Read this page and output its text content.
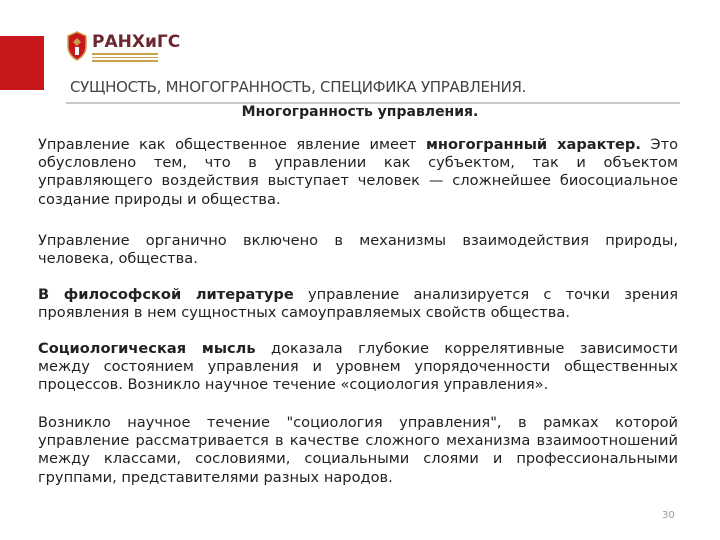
РАНХиГС
СУЩНОСТЬ, МНОГОГРАННОСТЬ, СПЕЦИФИКА УПРАВЛЕНИЯ.
Многогранность управления.

Управление как общественное явление имеет многогранный характер. Это обусловлено тем, что в управлении как субъектом, так и объектом управляющего воздействия выступает человек — сложнейшее биосоциальное создание природы и общества.

Управление органично включено в механизмы взаимодействия природы, человека, общества.

В философской литературе управление анализируется с точки зрения проявления в нем сущностных самоуправляемых свойств общества.

Социологическая мысль доказала глубокие коррелятивные зависимости между состоянием управления и уровнем упорядоченности общественных процессов. Возникло научное течение «социология управления».

Возникло научное течение "социология управления", в рамках которой управление рассматривается в качестве сложного механизма взаимоотношений между классами, сословиями, социальными слоями и профессиональными группами, представителями разных народов.

30
